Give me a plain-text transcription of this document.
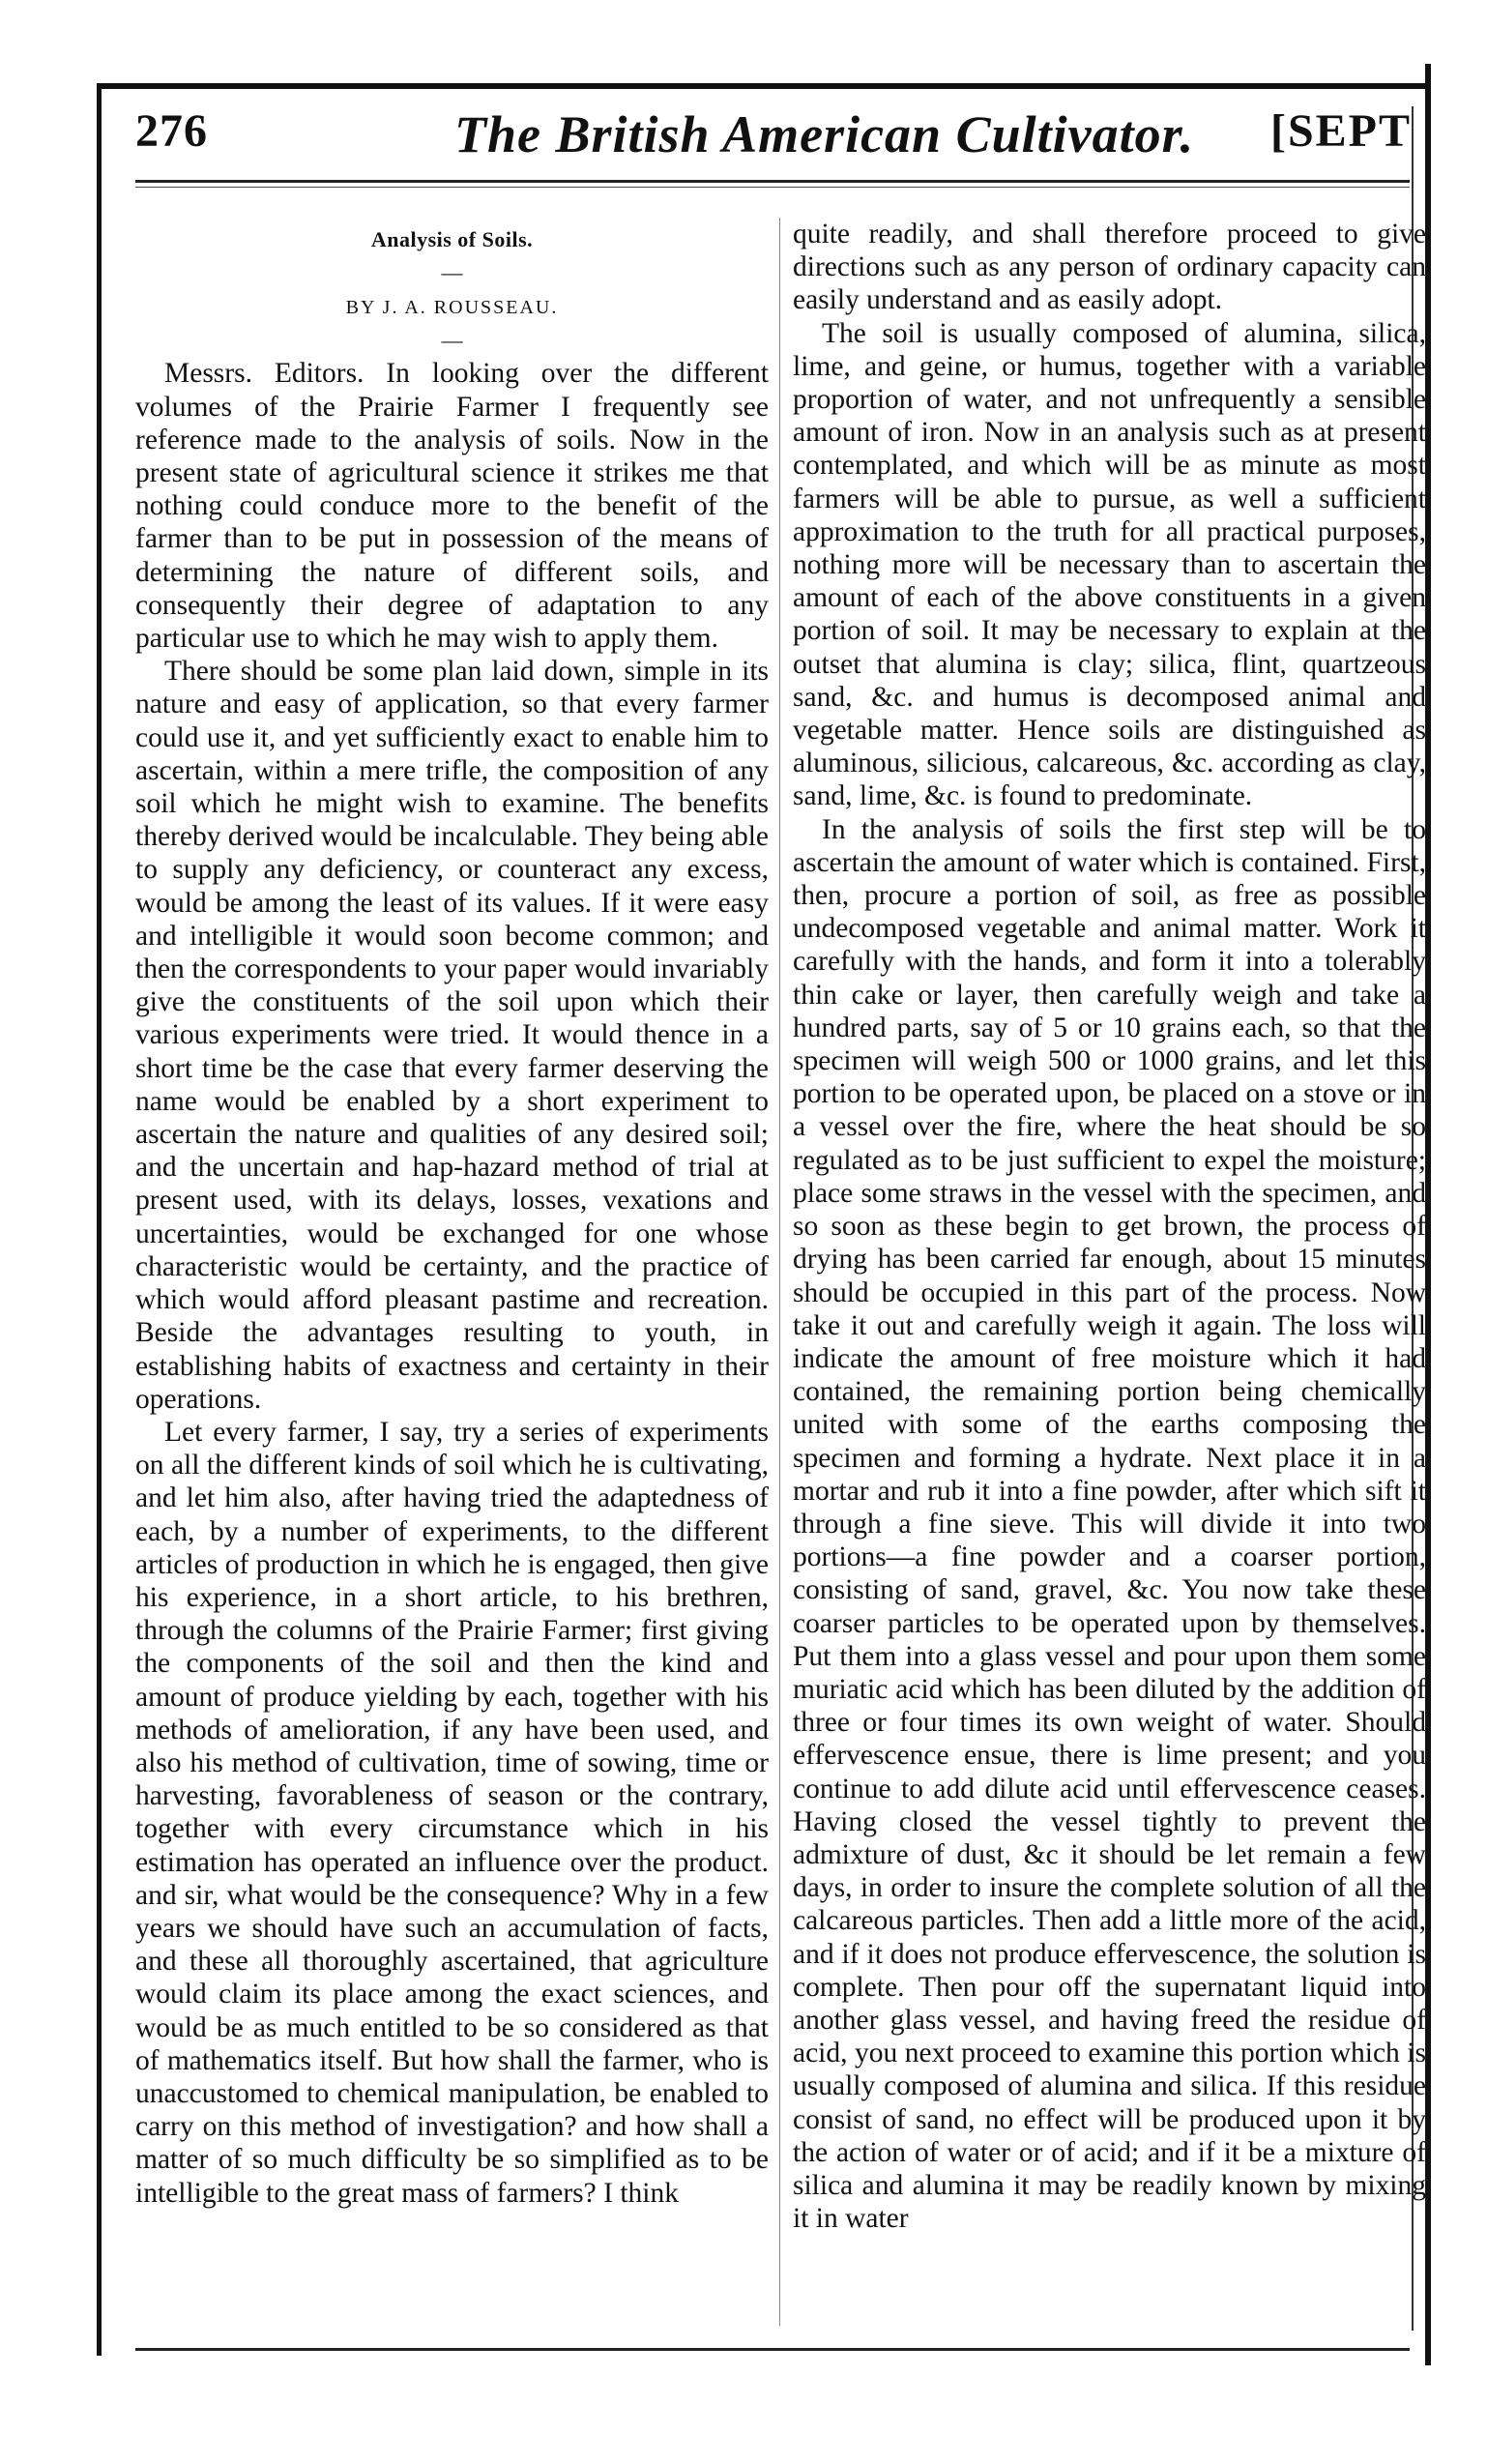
276	The British American Cultivator. [SEPT
Analysis of Soils.
—
BY J. A. ROUSSEAU.
—

Messrs. Editors. In looking over the different volumes of the Prairie Farmer I frequently see reference made to the analysis of soils. Now in the present state of agricultural science it strikes me that nothing could conduce more to the benefit of the farmer than to be put in possession of the means of determining the nature of different soils, and consequently their degree of adaptation to any particular use to which he may wish to apply them.

There should be some plan laid down, simple in its nature and easy of application, so that every farmer could use it, and yet sufficiently exact to enable him to ascertain, within a mere trifle, the composition of any soil which he might wish to examine. The benefits thereby derived would be incalculable. They being able to supply any deficiency, or counteract any excess, would be among the least of its values. If it were easy and intelligible it would soon become common; and then the correspondents to your paper would invariably give the constituents of the soil upon which their various experiments were tried. It would thence in a short time be the case that every farmer deserving the name would be enabled by a short experiment to ascertain the nature and qualities of any desired soil; and the uncertain and hap-hazard method of trial at present used, with its delays, losses, vexations and uncertainties, would be exchanged for one whose characteristic would be certainty, and the practice of which would afford pleasant pastime and recreation. Beside the advantages resulting to youth, in establishing habits of exactness and certainty in their operations.

Let every farmer, I say, try a series of experiments on all the different kinds of soil which he is cultivating, and let him also, after having tried the adaptedness of each, by a number of experiments, to the different articles of production in which he is engaged, then give his experience, in a short article, to his brethren, through the columns of the Prairie Farmer; first giving the components of the soil and then the kind and amount of produce yielding by each, together with his methods of amelioration, if any have been used, and also his method of cultivation, time of sowing, time or harvesting, favorableness of season or the contrary, together with every circumstance which in his estimation has operated an influence over the product. and sir, what would be the consequence? Why in a few years we should have such an accumulation of facts, and these all thoroughly ascertained, that agriculture would claim its place among the exact sciences, and would be as much entitled to be so considered as that of mathematics itself. But how shall the farmer, who is unaccustomed to chemical manipulation, be enabled to carry on this method of investigation? and how shall a matter of so much difficulty be so simplified as to be intelligible to the great mass of farmers? I think

quite readily, and shall therefore proceed to give directions such as any person of ordinary capacity can easily understand and as easily adopt.

The soil is usually composed of alumina, silica, lime, and geine, or humus, together with a variable proportion of water, and not unfrequently a sensible amount of iron. Now in an analysis such as at present contemplated, and which will be as minute as most farmers will be able to pursue, as well a sufficient approximation to the truth for all practical purposes, nothing more will be necessary than to ascertain the amount of each of the above constituents in a given portion of soil. It may be necessary to explain at the outset that alumina is clay; silica, flint, quartzeous sand, &c. and humus is decomposed animal and vegetable matter. Hence soils are distinguished as aluminous, silicious, calcareous, &c. according as clay, sand, lime, &c. is found to predominate.

In the analysis of soils the first step will be to ascertain the amount of water which is contained. First, then, procure a portion of soil, as free as possible undecomposed vegetable and animal matter. Work it carefully with the hands, and form it into a tolerably thin cake or layer, then carefully weigh and take a hundred parts, say of 5 or 10 grains each, so that the specimen will weigh 500 or 1000 grains, and let this portion to be operated upon, be placed on a stove or in a vessel over the fire, where the heat should be so regulated as to be just sufficient to expel the moisture; place some straws in the vessel with the specimen, and so soon as these begin to get brown, the process of drying has been carried far enough, about 15 minutes should be occupied in this part of the process. Now take it out and carefully weigh it again. The loss will indicate the amount of free moisture which it had contained, the remaining portion being chemically united with some of the earths composing the specimen and forming a hydrate. Next place it in a mortar and rub it into a fine powder, after which sift it through a fine sieve. This will divide it into two portions—a fine powder and a coarser portion, consisting of sand, gravel, &c. You now take these coarser particles to be operated upon by themselves. Put them into a glass vessel and pour upon them some muriatic acid which has been diluted by the addition of three or four times its own weight of water. Should effervescence ensue, there is lime present; and you continue to add dilute acid until effervescence ceases. Having closed the vessel tightly to prevent the admixture of dust, &c it should be let remain a few days, in order to insure the complete solution of all the calcareous particles. Then add a little more of the acid, and if it does not produce effervescence, the solution is complete. Then pour off the supernatant liquid into another glass vessel, and having freed the residue of acid, you next proceed to examine this portion which is usually composed of alumina and silica. If this residue consist of sand, no effect will be produced upon it by the action of water or of acid; and if it be a mixture of silica and alumina it may be readily known by mixing it in water
